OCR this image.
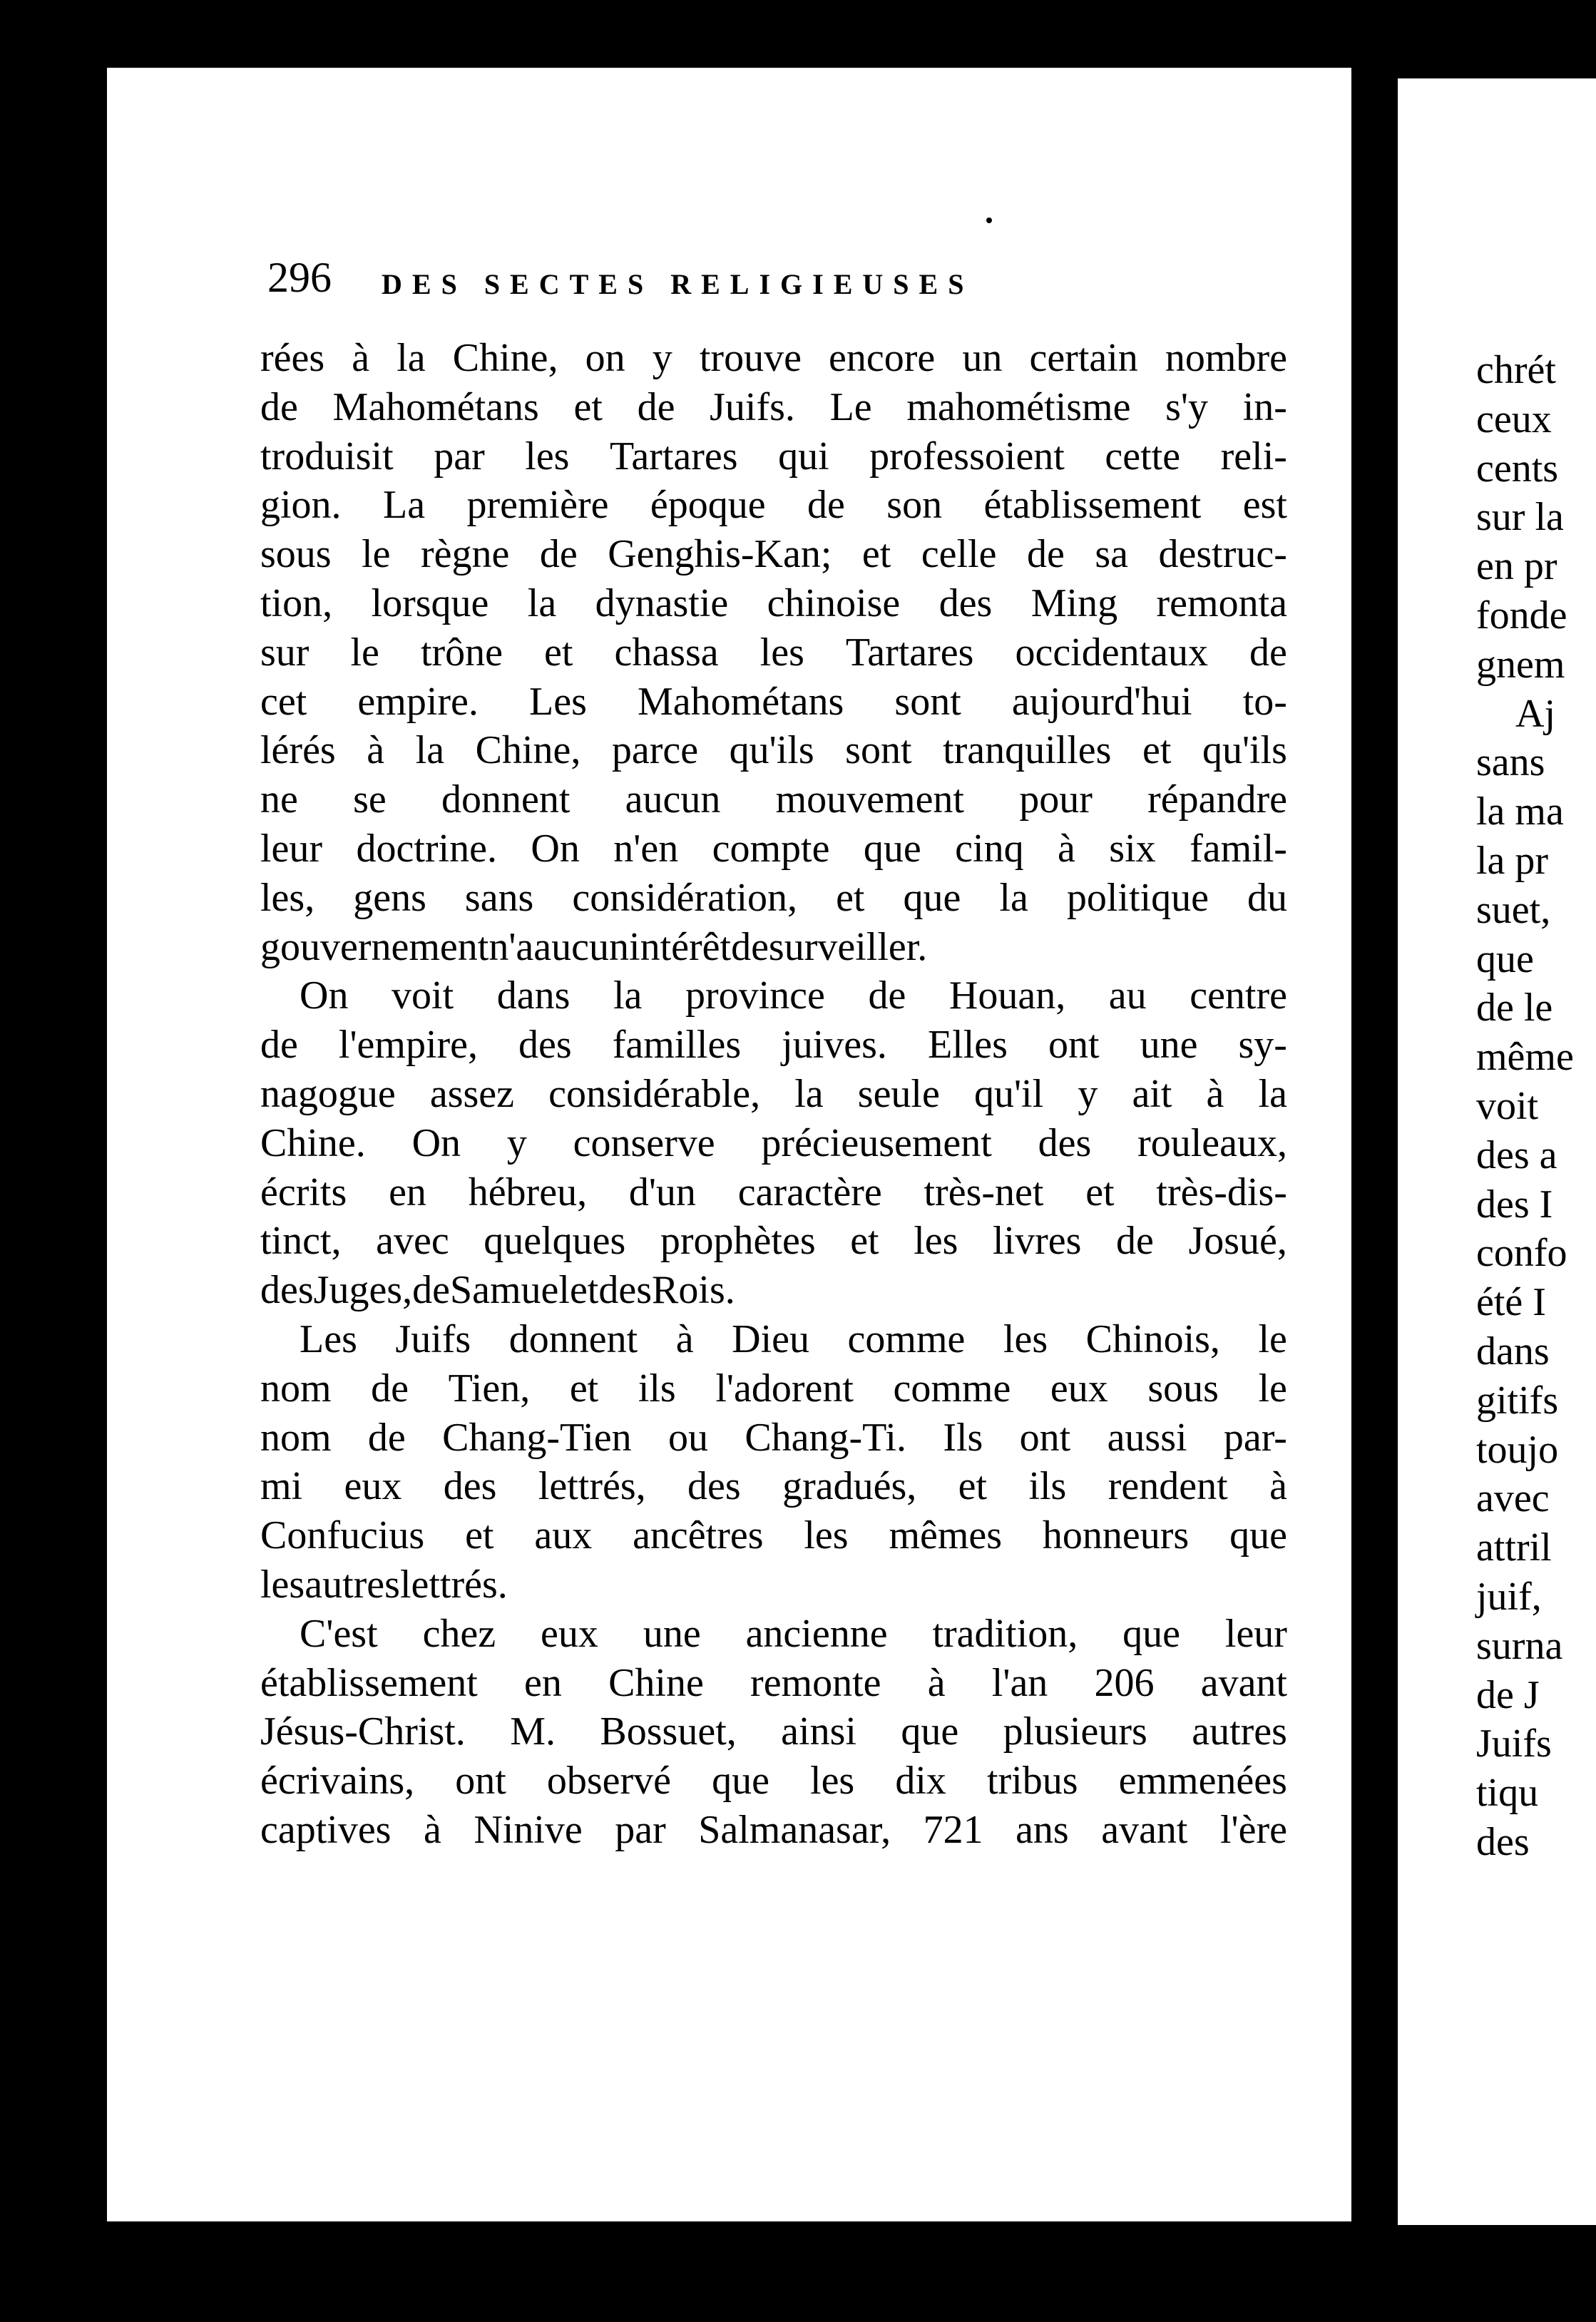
chrét
ceux
cents
sur la
en pr
fonde
gnem
Aj
sans
la ma
la pr
suet,
que
de le
même
voit
des a
des I
confo
été I
dans
gitifs
toujo
avec
attril
juif,
surna
de J
Juifs
tiqu
des
296 DES SECTES RELIGIEUSES
rées à la Chine, on y trouve encore un certain nombre
de Mahométans et de Juifs. Le mahométisme s'y in-
troduisit par les Tartares qui professoient cette reli-
gion. La première époque de son établissement est
sous le règne de Genghis-Kan; et celle de sa destruc-
tion, lorsque la dynastie chinoise des Ming remonta
sur le trône et chassa les Tartares occidentaux de
cet empire. Les Mahométans sont aujourd'hui to-
lérés à la Chine, parce qu'ils sont tranquilles et qu'ils
ne se donnent aucun mouvement pour répandre
leur doctrine. On n'en compte que cinq à six famil-
les, gens sans considération, et que la politique du
gouvernement n'a aucun intérêt de surveiller.
On voit dans la province de Houan, au centre
de l'empire, des familles juives. Elles ont une sy-
nagogue assez considérable, la seule qu'il y ait à la
Chine. On y conserve précieusement des rouleaux,
écrits en hébreu, d'un caractère très-net et très-dis-
tinct, avec quelques prophètes et les livres de Josué,
des Juges, de Samuel et des Rois.
Les Juifs donnent à Dieu comme les Chinois, le
nom de Tien, et ils l'adorent comme eux sous le
nom de Chang-Tien ou Chang-Ti. Ils ont aussi par-
mi eux des lettrés, des gradués, et ils rendent à
Confucius et aux ancêtres les mêmes honneurs que
les autres lettrés.
C'est chez eux une ancienne tradition, que leur
établissement en Chine remonte à l'an 206 avant
Jésus-Christ. M. Bossuet, ainsi que plusieurs autres
écrivains, ont observé que les dix tribus emmenées
captives à Ninive par Salmanasar, 721 ans avant l'ère
